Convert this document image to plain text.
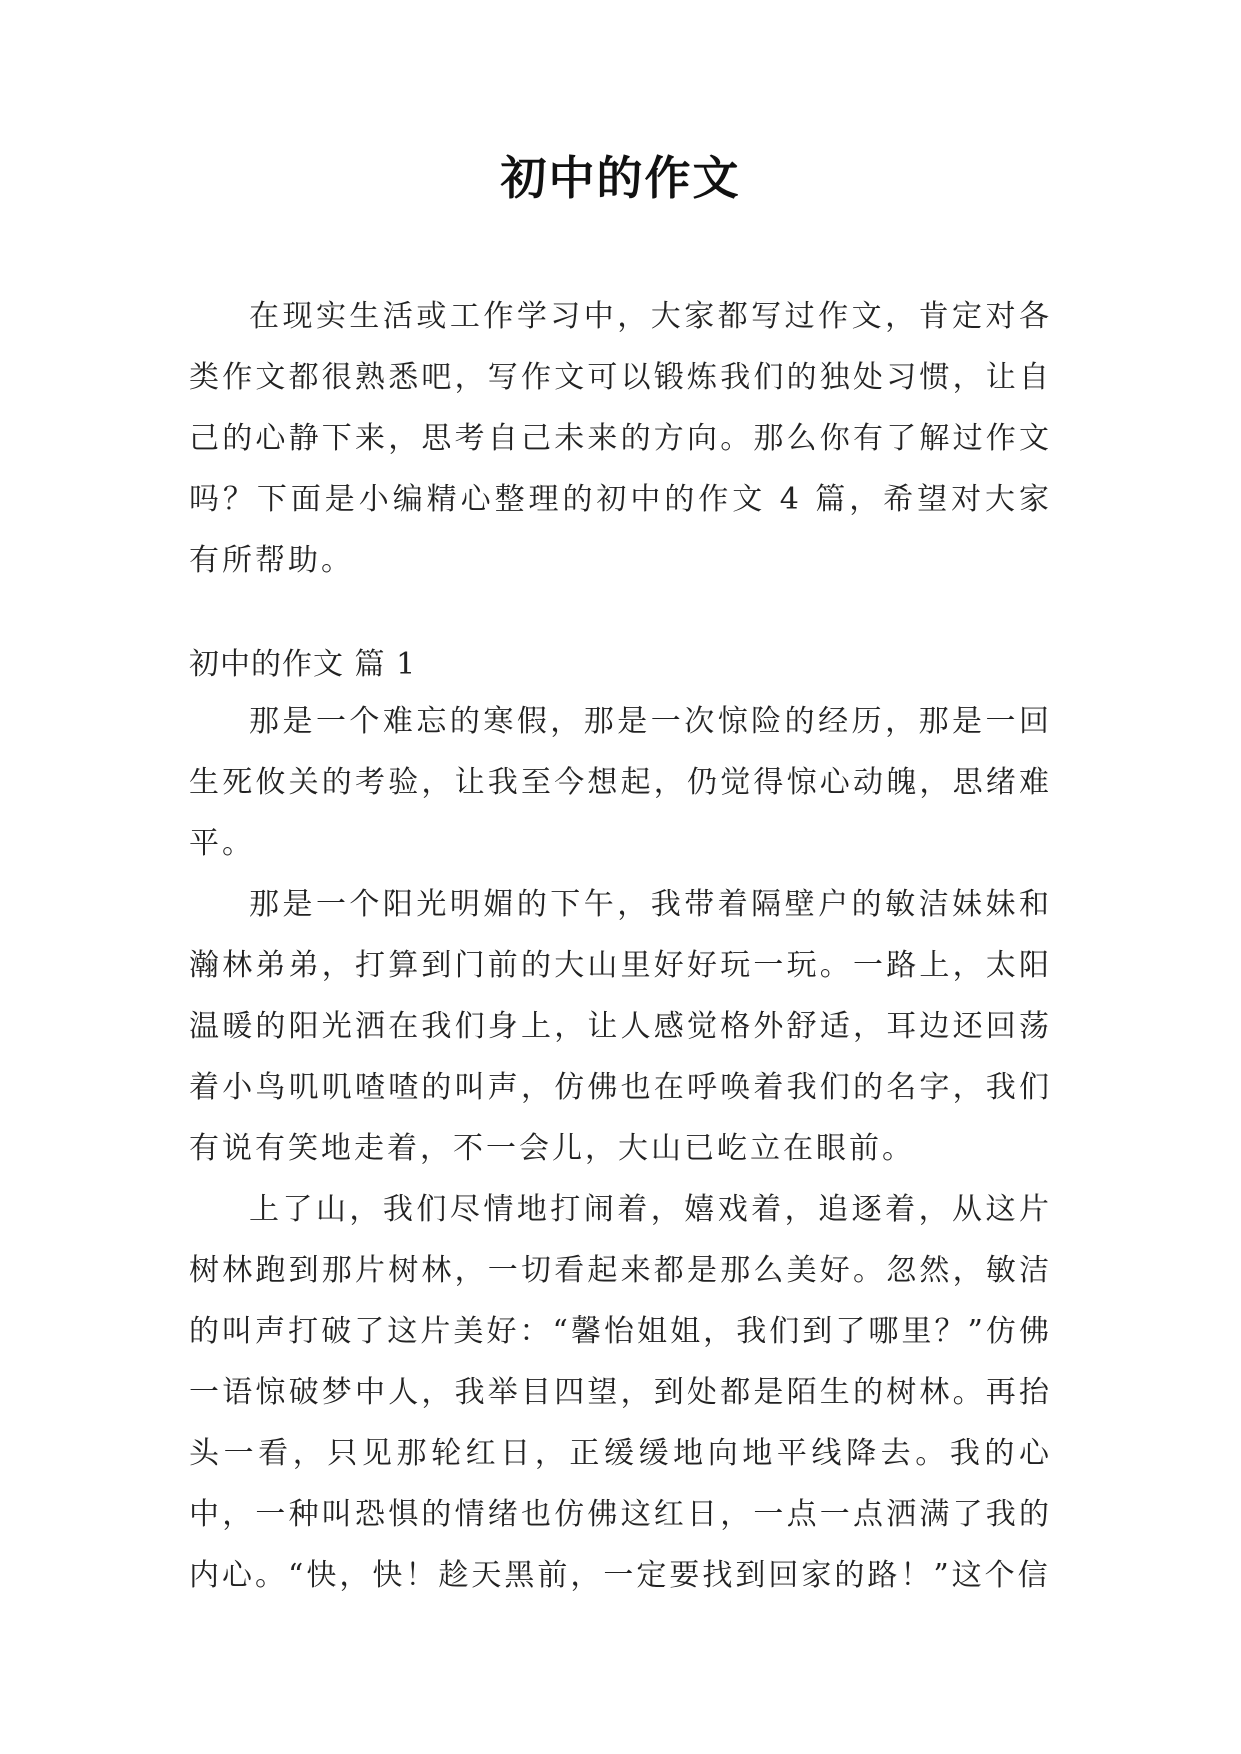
初中的作文

在现实生活或工作学习中，大家都写过作文，肯定对各类作文都很熟悉吧，写作文可以锻炼我们的独处习惯，让自己的心静下来，思考自己未来的方向。那么你有了解过作文吗？下面是小编精心整理的初中的作文 4 篇，希望对大家有所帮助。

初中的作文 篇 1

那是一个难忘的寒假，那是一次惊险的经历，那是一回生死攸关的考验，让我至今想起，仍觉得惊心动魄，思绪难平。

那是一个阳光明媚的下午，我带着隔壁户的敏洁妹妹和瀚林弟弟，打算到门前的大山里好好玩一玩。一路上，太阳温暖的阳光洒在我们身上，让人感觉格外舒适，耳边还回荡着小鸟叽叽喳喳的叫声，仿佛也在呼唤着我们的名字，我们有说有笑地走着，不一会儿，大山已屹立在眼前。

上了山，我们尽情地打闹着，嬉戏着，追逐着，从这片树林跑到那片树林，一切看起来都是那么美好。忽然，敏洁的叫声打破了这片美好：“馨怡姐姐，我们到了哪里？”仿佛一语惊破梦中人，我举目四望，到处都是陌生的树林。再抬头一看，只见那轮红日，正缓缓地向地平线降去。我的心中，一种叫恐惧的情绪也仿佛这红日，一点一点洒满了我的内心。“快，快！趁天黑前，一定要找到回家的路！”这个信
